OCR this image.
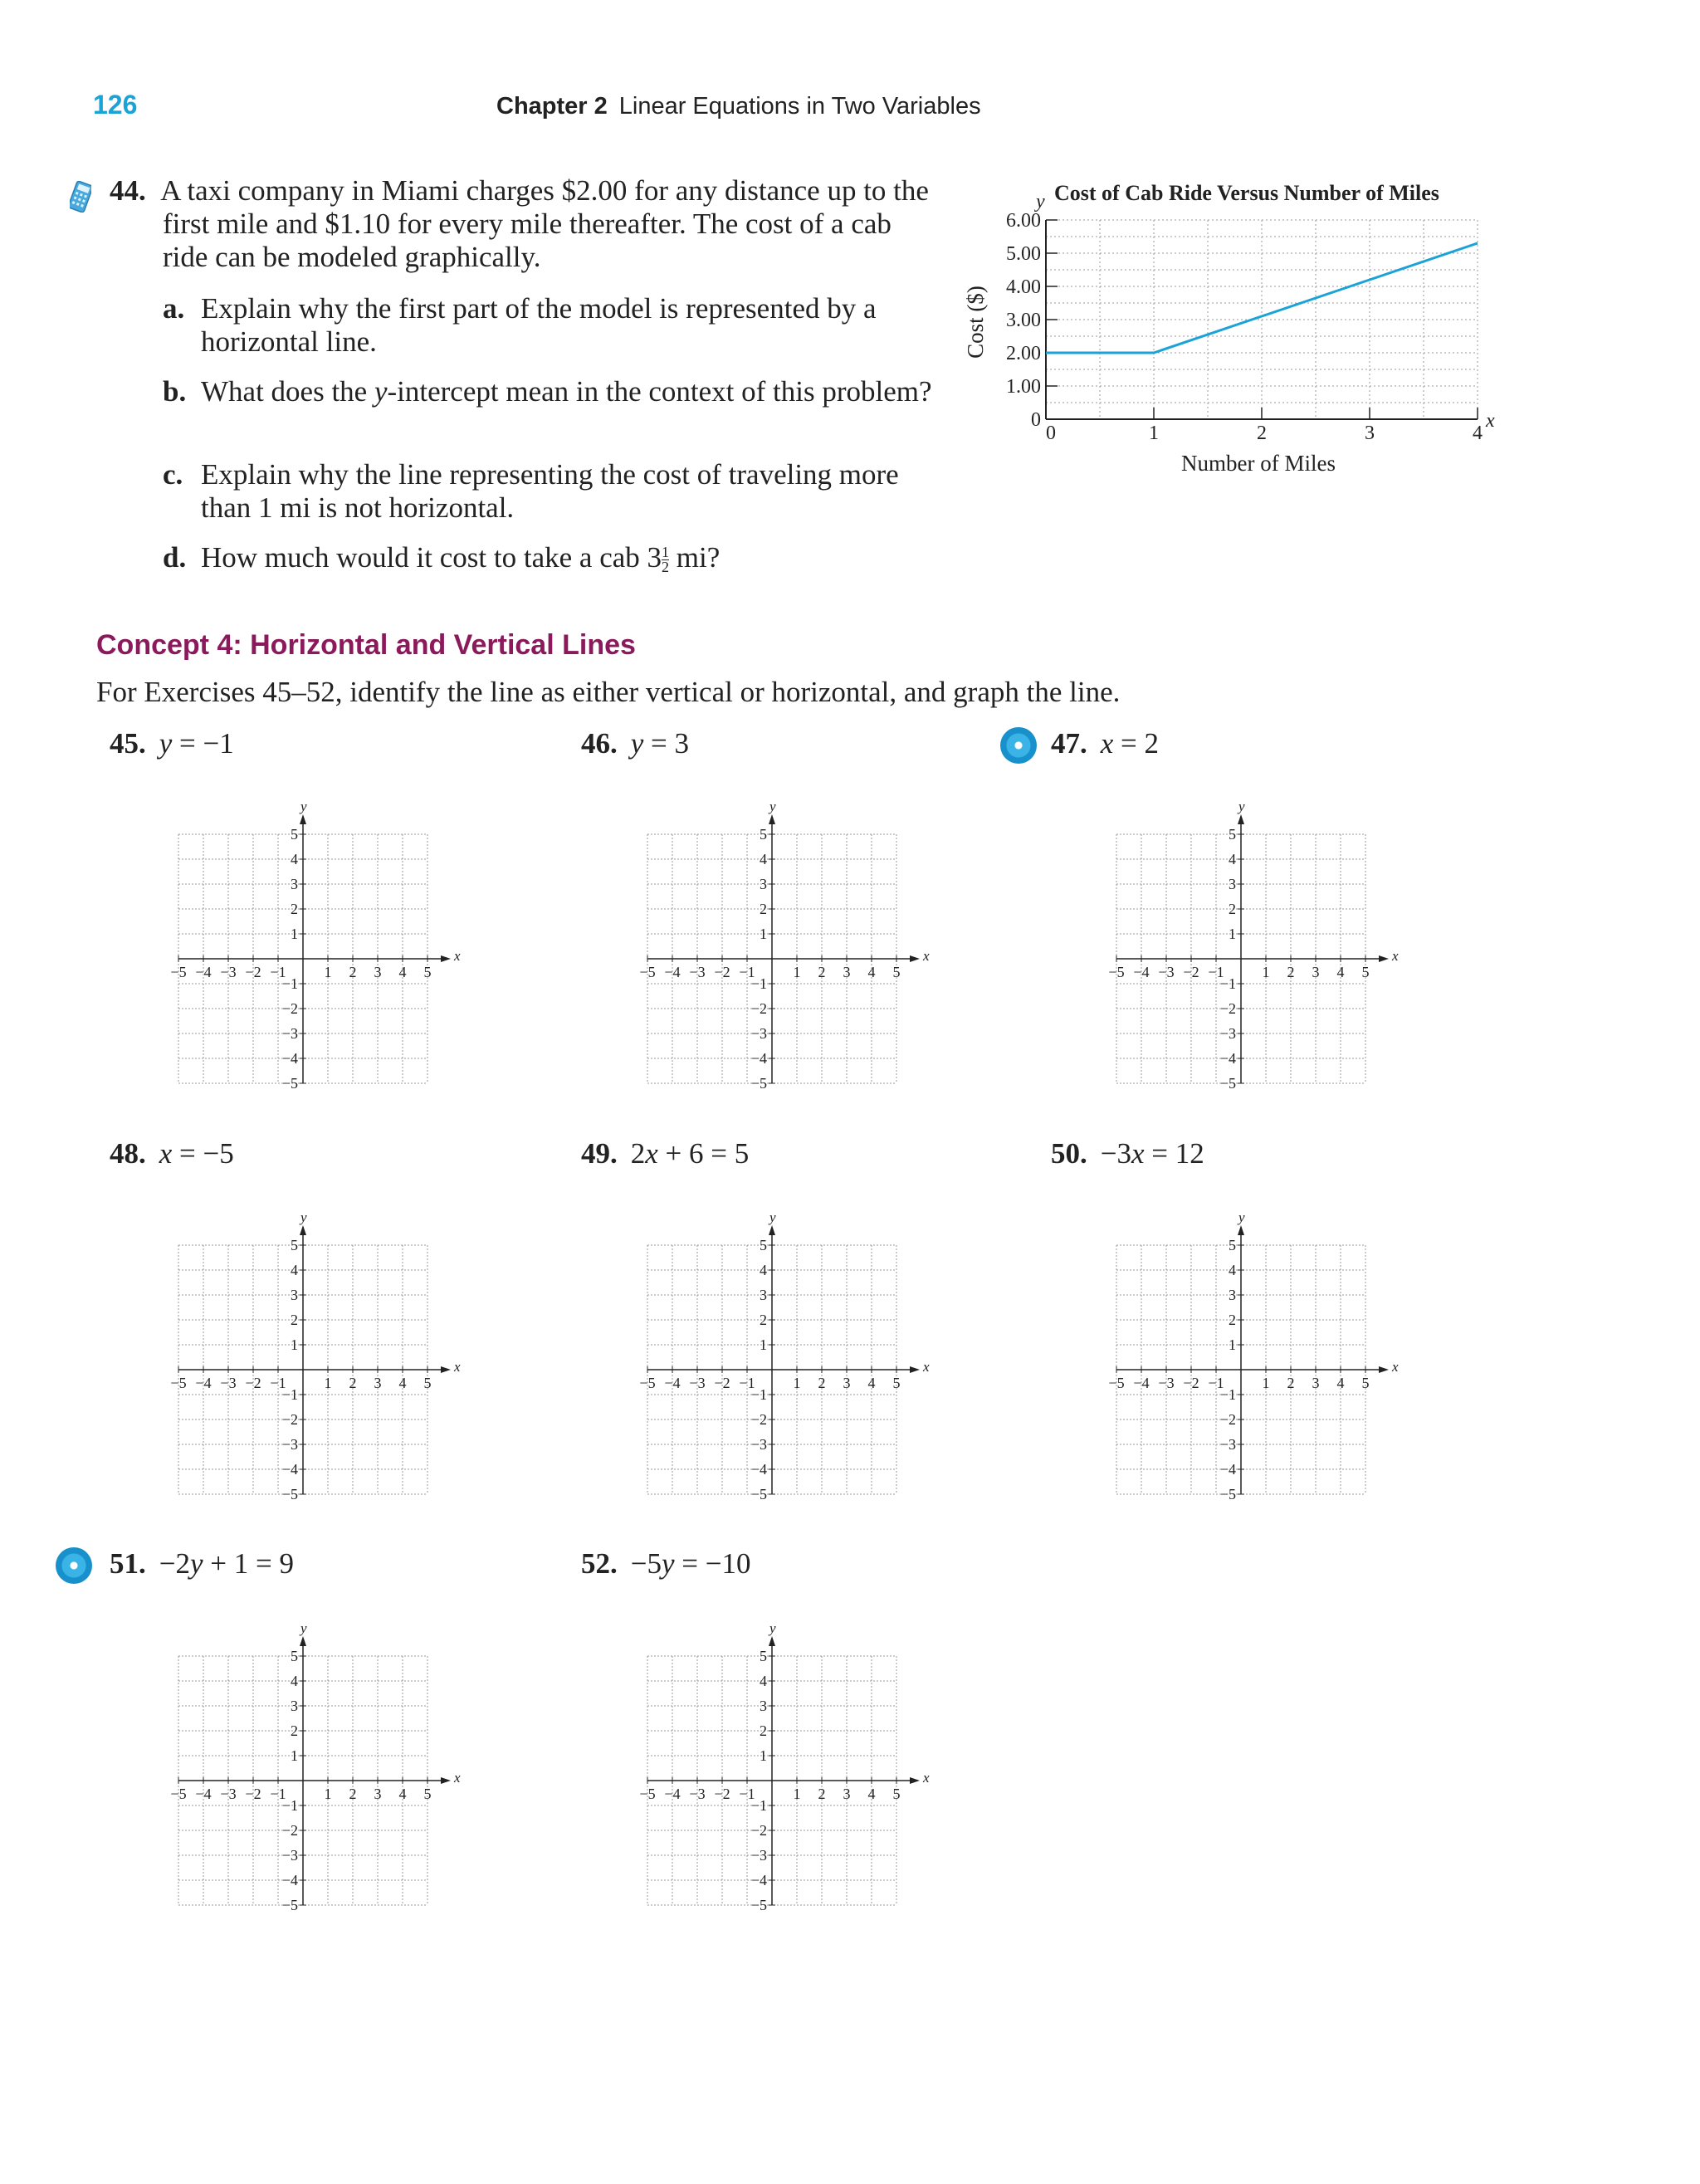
126	Chapter 2 Linear Equations in Two Variables

44. A taxi company in Miami charges $2.00 for any distance up to the first mile and $1.10 for every mile thereafter. The cost of a cab ride can be modeled graphically.

a. Explain why the first part of the model is represented by a horizontal line.
b. What does the y-intercept mean in the context of this problem?
c. Explain why the line representing the cost of traveling more than 1 mi is not horizontal.
d. How much would it cost to take a cab $3 \frac{1}{2}$ mi?
Cost of Cab Ride Versus Number of Miles
y
x
Number of Miles
Cost ($)
0	1	2	3	4
0
1.00
2.00
3.00
4.00
5.00
6.00
Concept 4: Horizontal and Vertical Lines
For Exercises 45–52, identify the line as either vertical or horizontal, and graph the line.
45. y = −1	46. y = 3	47. x = 2
48. x = −5	49. 2x + 6 = 5	50. −3x = 12
51. −2y + 1 = 9	52. −5y = −10
x
y
−5 −4 −3 −2 −1	1 2 3 4 5
5
4
3
2
1
−1
−2
−3
−4
−5
x
y
−5 −4 −3 −2 −1	1 2 3 4 5
5
4
3
2
1
−1
−2
−3
−4
−5
x
y
−5 −4 −3 −2 −1	1 2 3 4 5
5
4
3
2
1
−1
−2
−3
−4
−5
x
y
−5 −4 −3 −2 −1	1 2 3 4 5
5
4
3
2
1
−1
−2
−3
−4
−5
x
y
−5 −4 −3 −2 −1	1 2 3 4 5
5
4
3
2
1
−1
−2
−3
−4
−5
x
y
−5 −4 −3 −2 −1	1 2 3 4 5
5
4
3
2
1
−1
−2
−3
−4
−5
x
y
−5 −4 −3 −2 −1	1 2 3 4 5
5
4
3
2
1
−1
−2
−3
−4
−5
x
y
−5 −4 −3 −2 −1	1 2 3 4 5
5
4
3
2
1
−1
−2
−3
−4
−5
